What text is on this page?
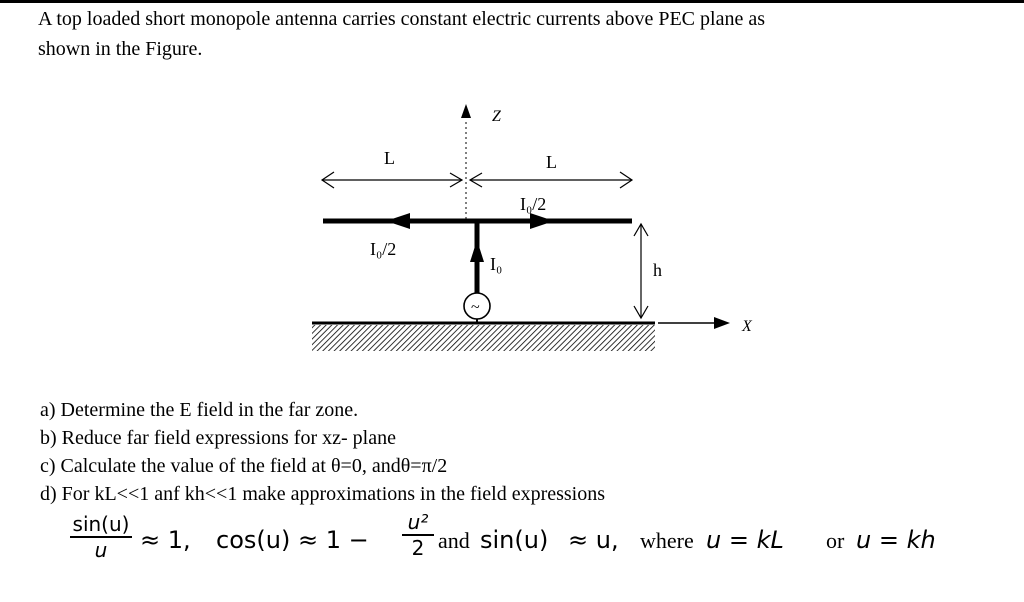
A top loaded short monopole antenna carries constant electric currents above PEC plane as
shown in the Figure.
Z
L	L
I₀/2
I₀/2
I₀
~
h
X
a) Determine the E field in the far zone.
b) Reduce far field expressions for xz- plane
c) Calculate the value of the field at θ=0, andθ=π/2
d) For kL<<1 anf kh<<1 make approximations in the field expressions
sin(u)
u	≈ 1, cos(u) ≈ 1 −
u²
2 and sin(u) ≈ u, where u = kL or u = kh
